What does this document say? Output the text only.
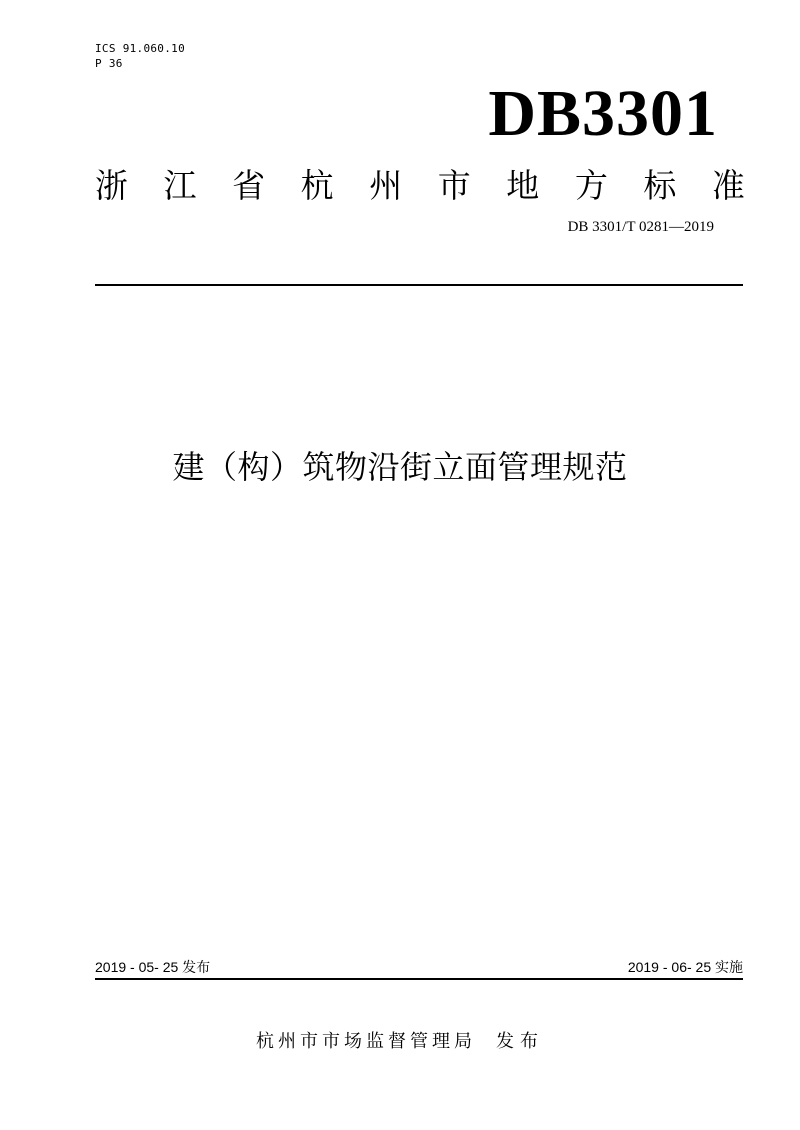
ICS 91.060.10
P 36
DB3301
浙 江 省 杭 州 市 地 方 标 准
DB 3301/T 0281—2019
建（构）筑物沿街立面管理规范
2019 - 05- 25 发布	2019 - 06- 25 实施
杭州市市场监督管理局 发布
